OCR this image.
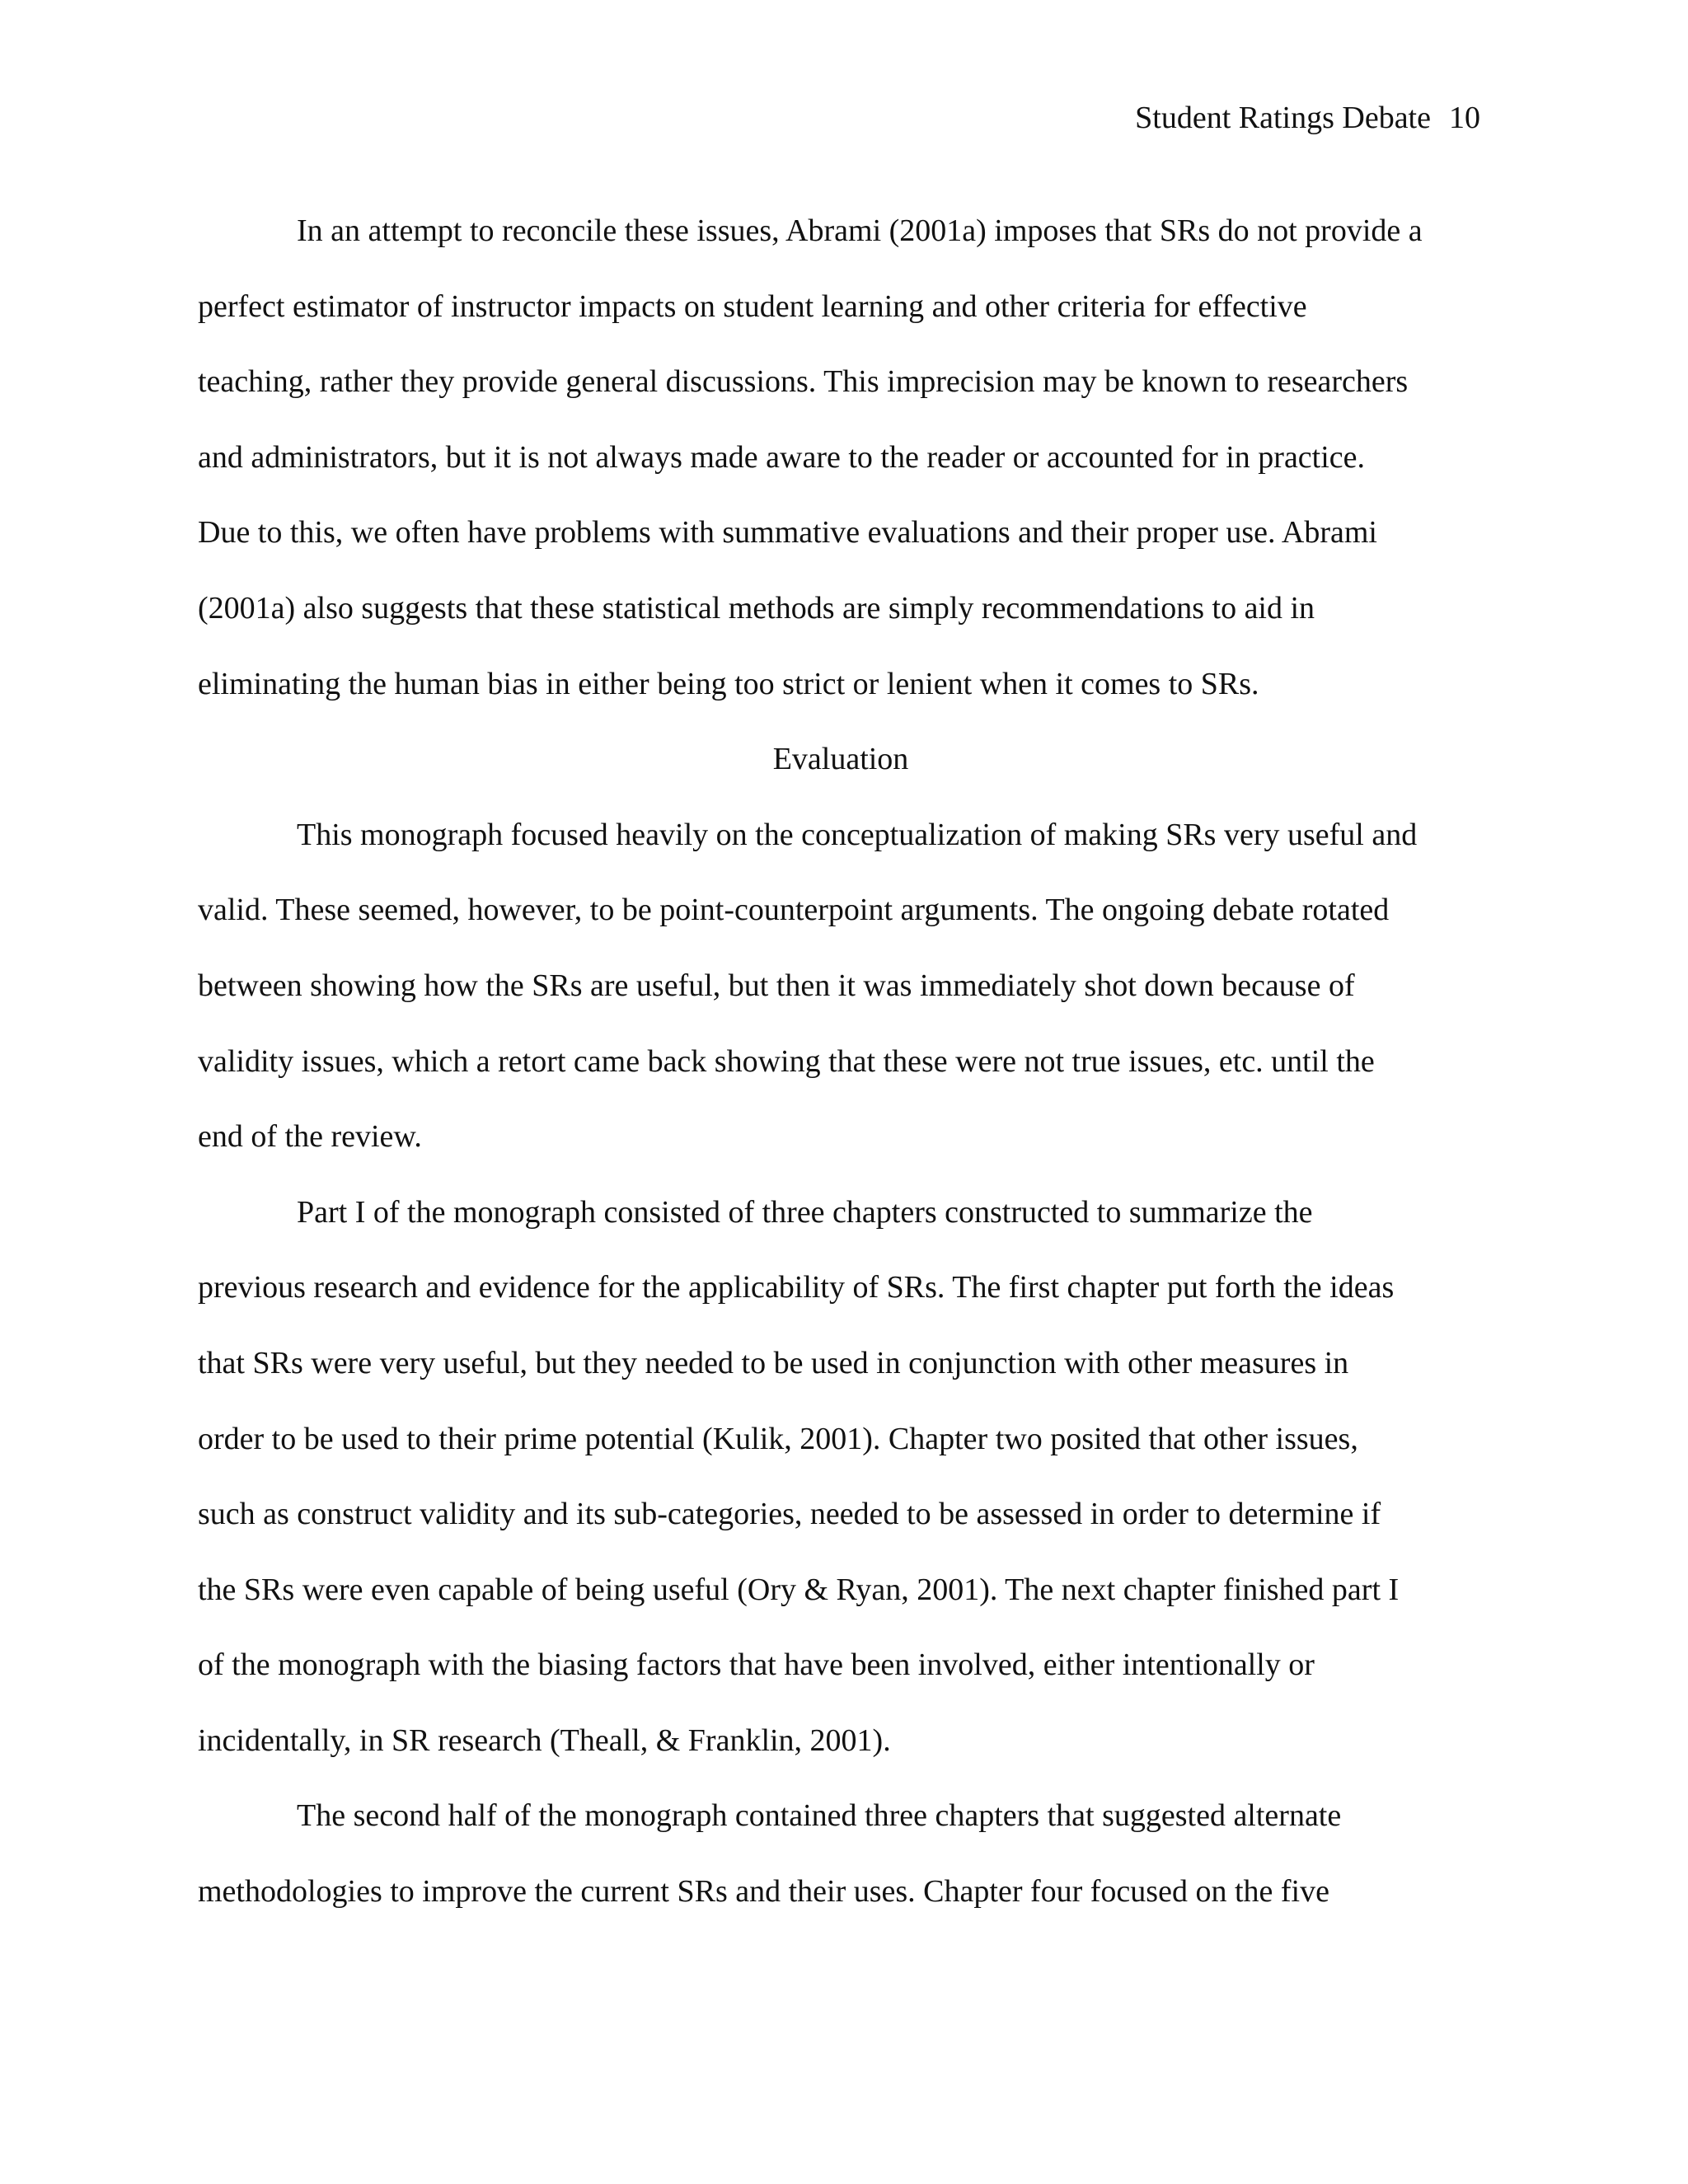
Student Ratings Debate 10

In an attempt to reconcile these issues, Abrami (2001a) imposes that SRs do not provide a
perfect estimator of instructor impacts on student learning and other criteria for effective
teaching, rather they provide general discussions. This imprecision may be known to researchers
and administrators, but it is not always made aware to the reader or accounted for in practice.
Due to this, we often have problems with summative evaluations and their proper use. Abrami
(2001a) also suggests that these statistical methods are simply recommendations to aid in
eliminating the human bias in either being too strict or lenient when it comes to SRs.

Evaluation

This monograph focused heavily on the conceptualization of making SRs very useful and
valid. These seemed, however, to be point-counterpoint arguments. The ongoing debate rotated
between showing how the SRs are useful, but then it was immediately shot down because of
validity issues, which a retort came back showing that these were not true issues, etc. until the
end of the review.

Part I of the monograph consisted of three chapters constructed to summarize the
previous research and evidence for the applicability of SRs. The first chapter put forth the ideas
that SRs were very useful, but they needed to be used in conjunction with other measures in
order to be used to their prime potential (Kulik, 2001). Chapter two posited that other issues,
such as construct validity and its sub-categories, needed to be assessed in order to determine if
the SRs were even capable of being useful (Ory & Ryan, 2001). The next chapter finished part I
of the monograph with the biasing factors that have been involved, either intentionally or
incidentally, in SR research (Theall, & Franklin, 2001).

The second half of the monograph contained three chapters that suggested alternate
methodologies to improve the current SRs and their uses. Chapter four focused on the five
